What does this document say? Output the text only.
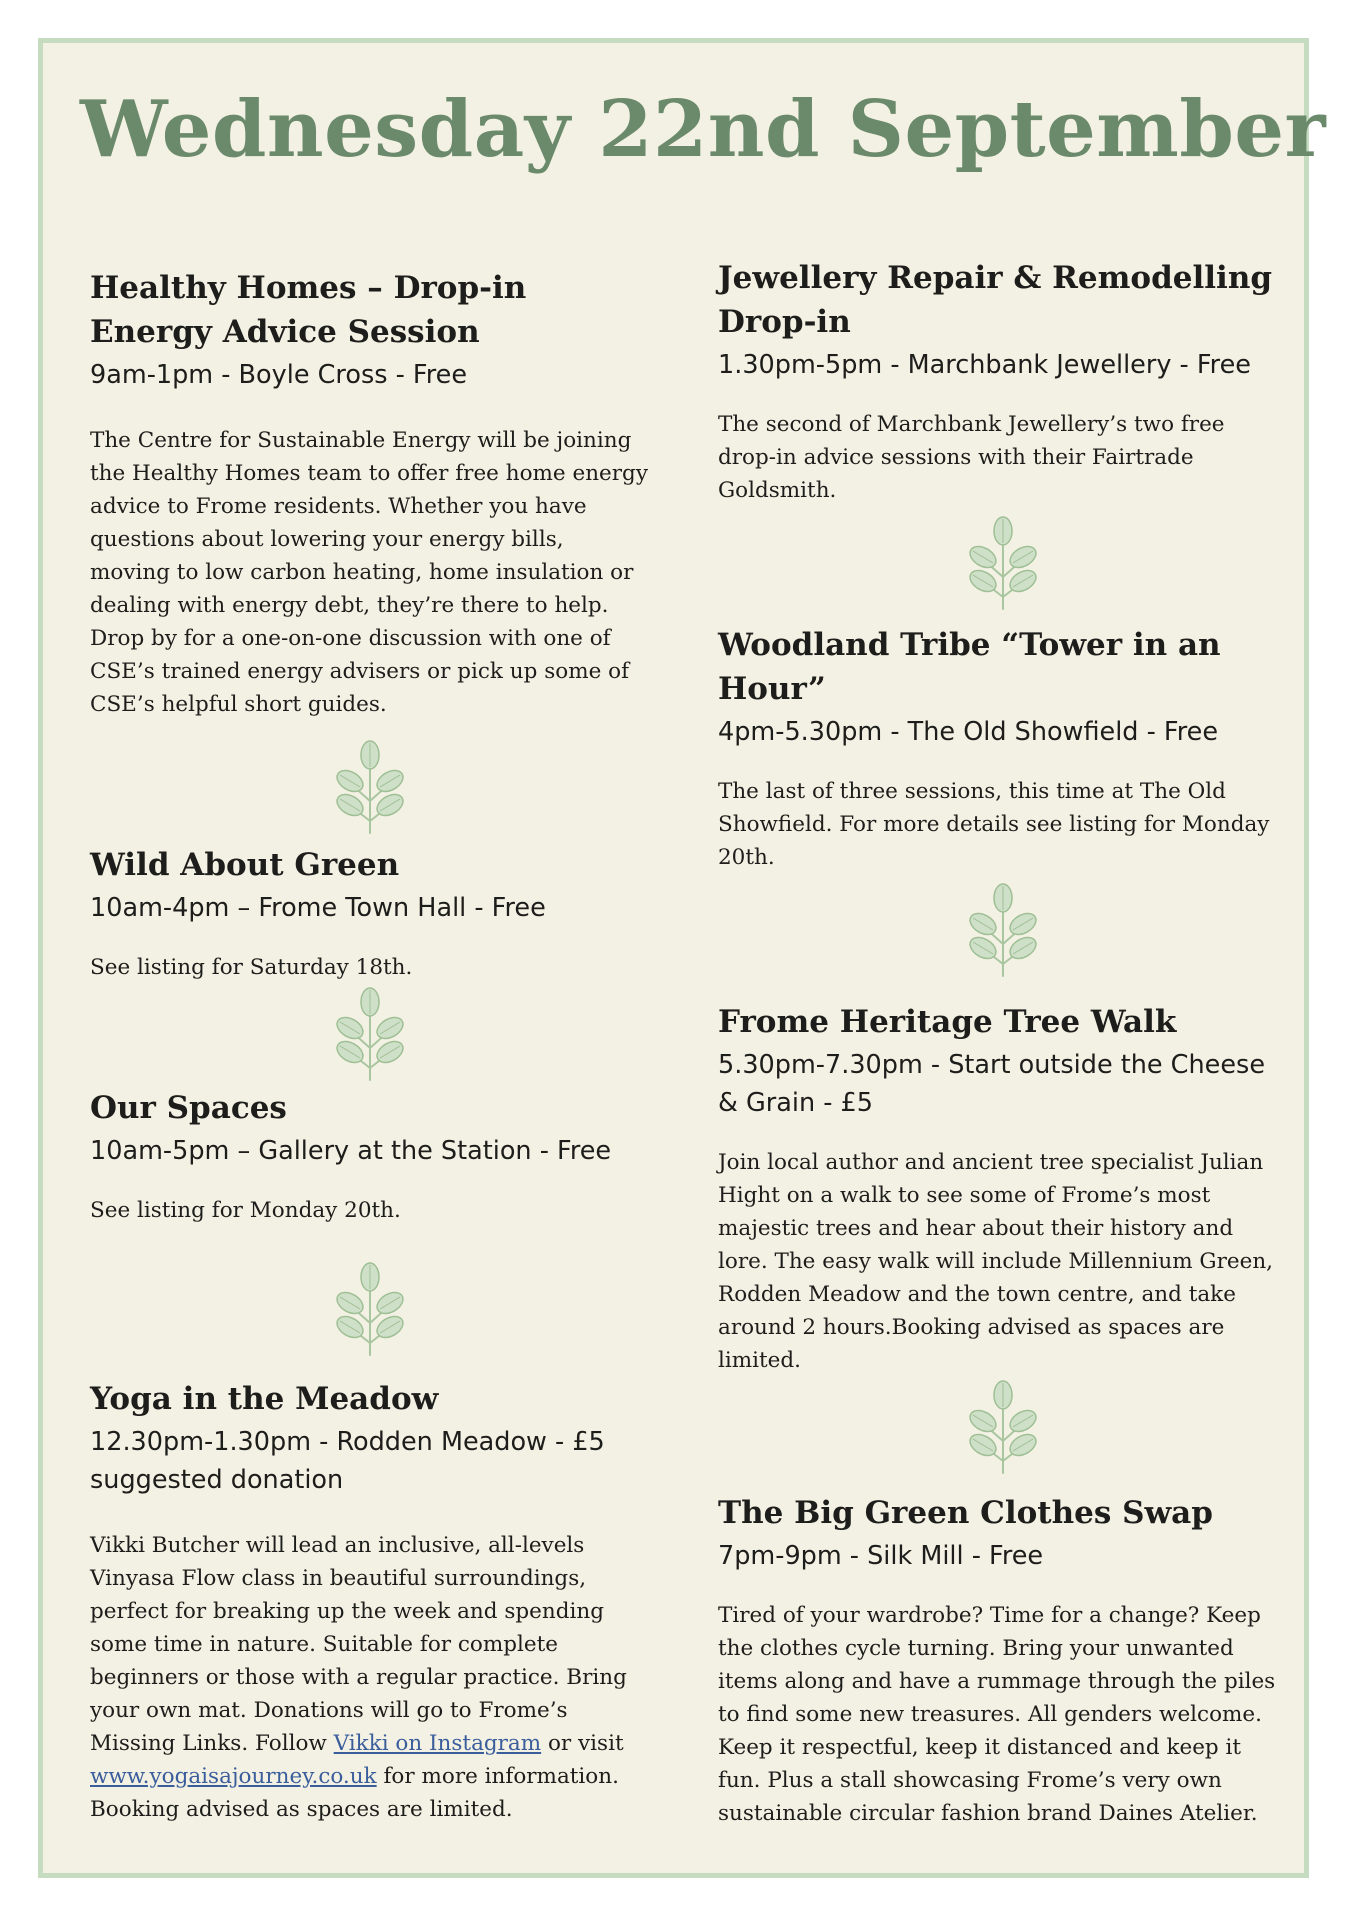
Wednesday 22nd September
Healthy Homes – Drop-in Energy Advice Session

9am-1pm - Boyle Cross - Free

The Centre for Sustainable Energy will be joining the Healthy Homes team to offer free home energy advice to Frome residents. Whether you have questions about lowering your energy bills, moving to low carbon heating, home insulation or dealing with energy debt, they’re there to help. Drop by for a one-on-one discussion with one of CSE’s trained energy advisers or pick up some of CSE’s helpful short guides.

Wild About Green

10am-4pm – Frome Town Hall - Free

See listing for Saturday 18th.

Our Spaces

10am-5pm – Gallery at the Station - Free

See listing for Monday 20th.

Yoga in the Meadow

12.30pm-1.30pm - Rodden Meadow - £5 suggested donation

Vikki Butcher will lead an inclusive, all-levels Vinyasa Flow class in beautiful surroundings, perfect for breaking up the week and spending some time in nature. Suitable for complete beginners or those with a regular practice. Bring your own mat. Donations will go to Frome’s Missing Links. Follow Vikki on Instagram or visit www.yogaisajourney.co.uk for more information. Booking advised as spaces are limited.

Jewellery Repair & Remodelling Drop-in

1.30pm-5pm - Marchbank Jewellery - Free

The second of Marchbank Jewellery’s two free drop-in advice sessions with their Fairtrade Goldsmith.

Woodland Tribe “Tower in an Hour”

4pm-5.30pm - The Old Showfield - Free

The last of three sessions, this time at The Old Showfield. For more details see listing for Monday 20th.

Frome Heritage Tree Walk

5.30pm-7.30pm - Start outside the Cheese & Grain - £5

Join local author and ancient tree specialist Julian Hight on a walk to see some of Frome’s most majestic trees and hear about their history and lore. The easy walk will include Millennium Green, Rodden Meadow and the town centre, and take around 2 hours.Booking advised as spaces are limited.

The Big Green Clothes Swap

7pm-9pm - Silk Mill - Free

Tired of your wardrobe? Time for a change? Keep the clothes cycle turning. Bring your unwanted items along and have a rummage through the piles to find some new treasures. All genders welcome. Keep it respectful, keep it distanced and keep it fun. Plus a stall showcasing Frome’s very own sustainable circular fashion brand Daines Atelier.
